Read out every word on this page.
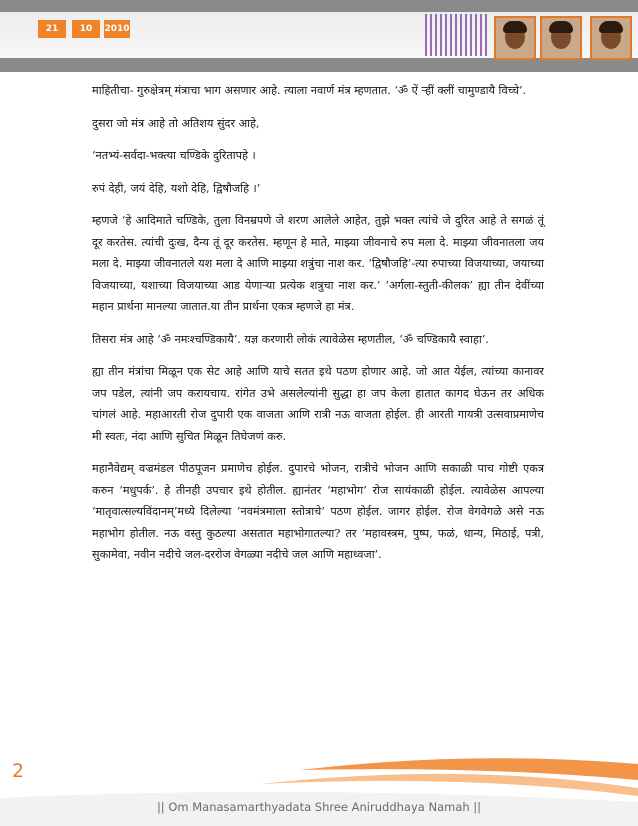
21	10	2010

माहितीचा- गुरुक्षेत्रम् मंत्राचा भाग असणार आहे. त्याला नवार्ण मंत्र म्हणतात. ‘ॐ ऐं ऱ्हीं क्लीं चामुण्डायै विच्चे’.

दुसरा जो मंत्र आहे तो अतिशय सुंदर आहे,

‘नतभ्यं-सर्वदा-भक्त्या चण्डिके दुरितापहे ।

रुपं देही, जयं देहि, यशो देहि, द्विषौजहि ।’

म्हणजे ‘हे आदिमाते चण्डिके, तुला विनम्रपणे जे शरण आलेले आहेत, तुझे भक्त त्यांचे जे दुरित आहे ते सगळं तूं दूर करतेस. त्यांची दुःख, दैन्य तूं दूर करतेस. म्हणून हे माते, माझ्या जीवनाचे रुप मला दे. माझ्या जीवनातला जय मला दे. माझ्या जीवनातले यश मला दे आणि माझ्या शत्रुंचा नाश कर. ‘द्विषौजहि’-त्या रुपाच्या विजयाच्या, जयाच्या विजयाच्या, यशाच्या विजयाच्या आड येणाऱ्या प्रत्येक शत्रुचा नाश कर.’ ‘अर्गला-स्तुती-कीलक’ ह्या तीन देवींच्या महान प्रार्थना मानल्या जातात.या तीन प्रार्थना एकत्र म्हणजे हा मंत्र.

तिसरा मंत्र आहे ‘ॐ नमःश्चण्डिकायै’. यज्ञ करणारी लोकं त्यावेळेस म्हणतील, ‘ॐ चण्डिकायै स्वाहा’.

ह्या तीन मंत्रांचा मिळून एक सेट आहे आणि याचे सतत इथे पठण होणार आहे. जो आत येईल, त्यांच्या कानावर जप पडेल, त्यांनी जप करायचाय. रांगेत उभे असलेल्यांनी सुद्धा हा जप केला हातात कागद घेऊन तर अधिक चांगलं आहे. महाआरती रोज दुपारी एक वाजता आणि रात्री नऊ वाजता होईल. ही आरती गायत्री उत्सवाप्रमाणेच मी स्वतः, नंदा आणि सुचित मिळून तिघेजणं करु.

महानैवेद्यम् वज्रमंडल पीठपूजन प्रमाणेच होईल. दुपारचे भोजन, रात्रीचे भोजन आणि सकाळी पाच गोष्टी एकत्र करुन ‘मधुपर्क’. हे तीनही उपचार इथे होतील. ह्यानंतर ‘महाभोग’ रोज सायंकाळी होईल. त्यावेळेस आपल्या ‘मातृवात्सल्यविंदानम्’मध्ये दिलेल्या ‘नवमंत्रमाला स्तोत्राचे’ पठण होईल. जागर होईल. रोज वेगवेगळे असे नऊ महाभोग होतील. नऊ वस्तु कुठल्या असतात महाभोगातल्या? तर ‘महावस्त्रम, पुष्प, फळं, धान्य, मिठाई, पत्री, सुकामेवा, नवीन नदीचे जल-दररोज वेगळ्या नदीचे जल आणि महाध्वजा’.

2
|| Om Manasamarthyadata Shree Aniruddhaya Namah ||
